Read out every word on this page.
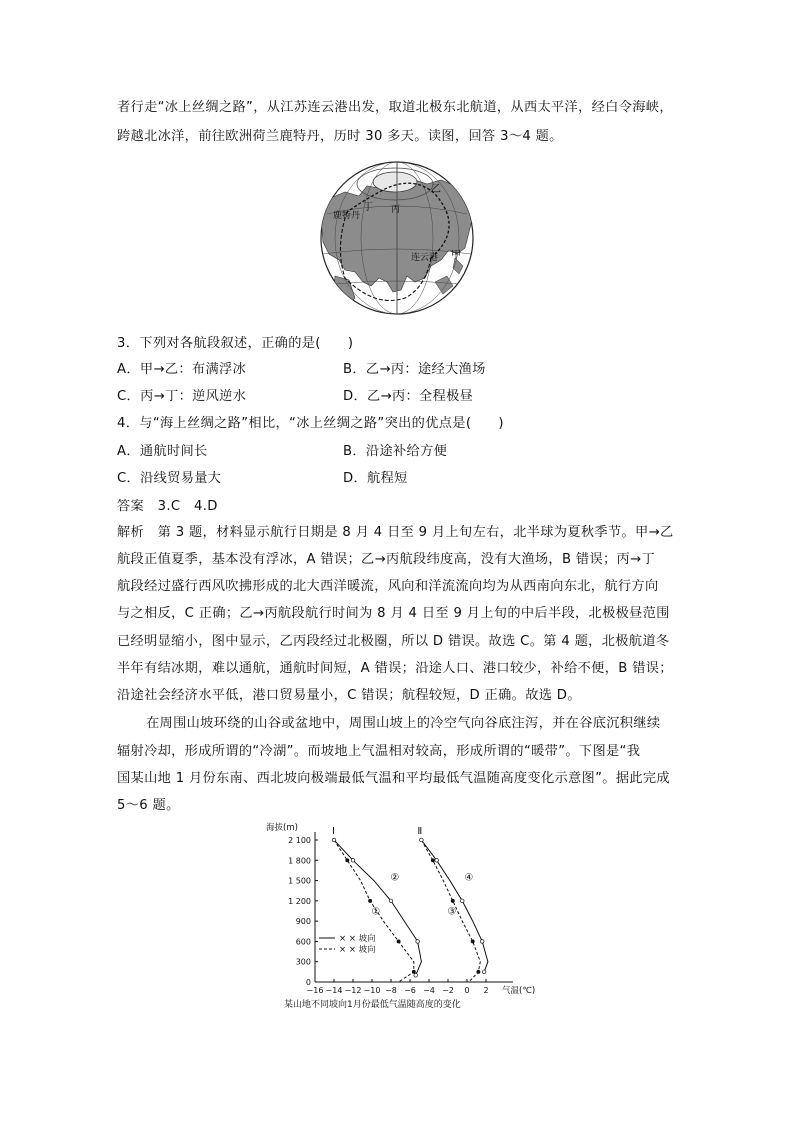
者行走“冰上丝绸之路”，从江苏连云港出发，取道北极东北航道，从西太平洋，经白令海峡，
跨越北冰洋，前往欧洲荷兰鹿特丹，历时 30 多天。读图，回答 3～4 题。
乙
丁 丙
鹿特丹
连云港 甲
3．下列对各航段叙述，正确的是(　　)
A．甲→乙：布满浮冰	B．乙→丙：途经大渔场
C．丙→丁：逆风逆水	D．乙→丙：全程极昼
4．与“海上丝绸之路”相比，“冰上丝绸之路”突出的优点是(　　)
A．通航时间长	B．沿途补给方便
C．沿线贸易量大	D．航程短
答案　3.C　4.D
解析　第 3 题，材料显示航行日期是 8 月 4 日至 9 月上旬左右，北半球为夏秋季节。甲→乙
航段正值夏季，基本没有浮冰，A 错误；乙→丙航段纬度高，没有大渔场，B 错误；丙→丁
航段经过盛行西风吹拂形成的北大西洋暖流，风向和洋流流向均为从西南向东北，航行方向
与之相反，C 正确；乙→丙航段航行时间为 8 月 4 日至 9 月上旬的中后半段，北极极昼范围
已经明显缩小，图中显示，乙丙段经过北极圈，所以 D 错误。故选 C。第 4 题，北极航道冬
半年有结冰期，难以通航，通航时间短，A 错误；沿途人口、港口较少，补给不便，B 错误；
沿途社会经济水平低，港口贸易量小，C 错误；航程较短，D 正确。故选 D。
在周围山坡环绕的山谷或盆地中，周围山坡上的冷空气向谷底注泻，并在谷底沉积继续
辐射冷却，形成所谓的“冷湖”。而坡地上气温相对较高，形成所谓的“暖带”。下图是“我
国某山地 1 月份东南、西北坡向极端最低气温和平均最低气温随高度变化示意图”。据此完成
5～6 题。
0
300
600
900
1 200
1 500
1 800
2 100
−16 −14 −12 −10 −8 −6 −4 −2 0 2
海拔(m)
气温(℃)
Ⅰ	Ⅱ
①
②
③
④
× × 坡向
× × 坡向
某山地不同坡向1月份最低气温随高度的变化
